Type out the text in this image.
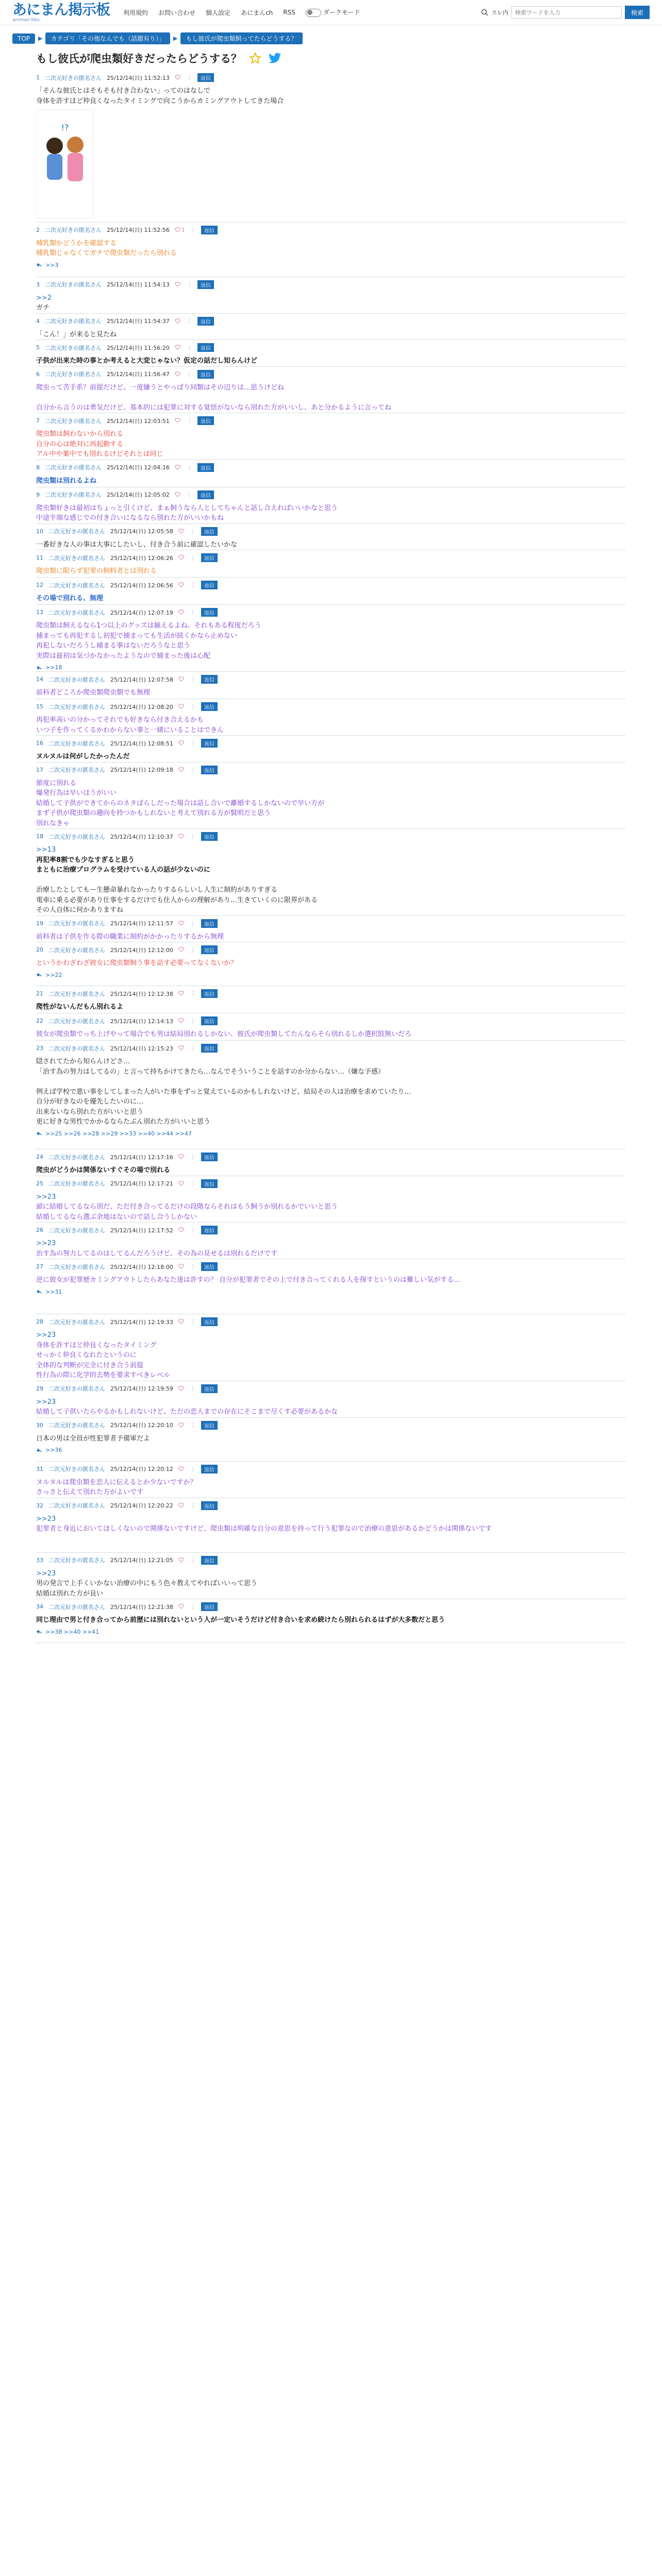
あにまん掲示板
animan bbs.
利用規約 お問い合わせ 個人設定 あにまんch RSS	ダークモード	スレ内
検索ワードを入力	検索
TOP	▶	カテゴリ「その他なんでも（話題有り）」	▶	もし彼氏が爬虫類飼ってたらどうする？
もし彼氏が爬虫類好きだったらどうする？
1 二次元好きの匿名さん 25/12/14(日) 11:52:13	⋮	返信
「そんな彼氏とはそもそも付き合わない」ってのはなしで
身体を許すほど仲良くなったタイミングで向こうからカミングアウトしてきた場合
!?
2 二次元好きの匿名さん 25/12/14(日) 11:52:56	1 ⋮	返信
哺乳類かどうかを確認する
哺乳類じゃなくてガチで爬虫類だったら別れる
>>3
3 二次元好きの匿名さん 25/12/14(日) 11:54:13	⋮	返信
>>2
ガチ
4 二次元好きの匿名さん 25/12/14(日) 11:54:37	⋮	返信
「こん！」が来ると見たね
5 二次元好きの匿名さん 25/12/14(日) 11:56:20	⋮	返信
子供が出来た時の事とか考えると大変じゃない？仮定の話だし知らんけど
6 二次元好きの匿名さん 25/12/14(日) 11:56:47	⋮	返信
爬虫って苦手系？前提だけど、一度嫌うとやっぱり同類はその辺りは…思うけどね

自分から言うのは勇気だけど、基本的には犯罪に対する覚悟がないなら別れた方がいいし、あと分かるように言ってね
7 二次元好きの匿名さん 25/12/14(日) 12:03:51	⋮	返信
爬虫類は飼わないから別れる
自分の心は絶対に再起動する
アル中や薬中でも別れるけどそれとは同じ
8 二次元好きの匿名さん 25/12/14(日) 12:04:16	⋮	返信
爬虫類は別れるよね
9 二次元好きの匿名さん 25/12/14(日) 12:05:02	⋮	返信
爬虫類好きは最初はちょっと引くけど、まぁ飼うなら人としてちゃんと話し合えればいいかなと思う
中途半端な感じでの付き合いになるなら別れた方がいいかもね
10 二次元好きの匿名さん 25/12/14(日) 12:05:58	⋮	返信
一番好きな人の事は大事にしたいし、付き合う前に確認したいかな
11 二次元好きの匿名さん 25/12/14(日) 12:06:26	⋮	返信
爬虫類に限らず犯罪の飼料者とは別れる
12 二次元好きの匿名さん 25/12/14(日) 12:06:56	⋮	返信
その場で別れる、無理
13 二次元好きの匿名さん 25/12/14(日) 12:07:19	⋮	返信
爬虫類は飼えるなら1つ以上のグッズは揃えるよね、それもある程度だろう
捕まっても再犯するし初犯で捕まっても生活が続くかなら止めない
再犯しないだろうし捕まる事はないだろうなと思う
実際は最初は気づかなかったようなので捕まった後は心配
>>18
14 二次元好きの匿名さん 25/12/14(日) 12:07:58	⋮	返信
前科者どころか爬虫類爬虫類でも無理
15 二次元好きの匿名さん 25/12/14(日) 12:08:20	⋮	返信
再犯率高いの分かってそれでも好きなら付き合えるかも
いつ子を作ってくるかわからない事と一緒にいることはできん
16 二次元好きの匿名さん 25/12/14(日) 12:08:51	⋮	返信
ヌルヌルは何がしたかったんだ
17 二次元好きの匿名さん 25/12/14(日) 12:09:18	⋮	返信
節度に別れる
爆発行為は早いほうがいい
結婚して子供ができてからのネタばらしだった場合は話し合いで離婚するしかないので早い方が
まず子供が爬虫類の趣向を持つかもしれないと考えて別れる方が賢明だと思う
別れなきゃ
18 二次元好きの匿名さん 25/12/14(日) 12:10:37	⋮	返信
>>13
再犯率8割でも少なすぎると思う
まともに治療プログラムを受けている人の話が少ないのに

治療したとしてもー生懸命暴れなかったりするらしいし人生に制約がありすぎる
電車に乗る必要があり仕事をするだけでも住人からの理解があり…生きていくのに限界がある
その人自体に何かありますね
19 二次元好きの匿名さん 25/12/14(日) 12:11:57	⋮	返信
前科者は子供を作る際の職業に制約がかかったりするから無理
20 二次元好きの匿名さん 25/12/14(日) 12:12:00	⋮	返信
というかわざわざ彼女に爬虫類飼う事を話す必要ってなくないか？
>>22
21 二次元好きの匿名さん 25/12/14(日) 12:12:38	⋮	返信
爬性がないんだもん別れるよ
22 二次元好きの匿名さん 25/12/14(日) 12:14:13	⋮	返信
彼女が爬虫類でっち上げやって場合でも男は結局別れるしかない、彼氏が爬虫類してたんならそら別れるしか選択肢無いだろ
23 二次元好きの匿名さん 25/12/14(日) 12:15:23	⋮	返信
隠されてたから知らんけどさ…
「治す為の努力はしてるの」と言って持ちかけてきたら…なんでそういうことを話すのか分からない…（嫌な予感）

例えば学校で悪い事をしてしまった人がいた事をずっと覚えているのかもしれないけど、結局その人は治療を求めていたり…
自分が好きなのを優先したいのに…
出来ないなら別れた方がいいと思う
更に好きな男性でかかるならたぶん別れた方がいいと思う
>>25 >>26 >>28 >>29 >>33 >>40 >>44 >>47
24 二次元好きの匿名さん 25/12/14(日) 12:17:16	⋮	返信
爬虫がどうかは関係ないすぐその場で別れる
25 二次元好きの匿名さん 25/12/14(日) 12:17:21	⋮	返信
>>23
頭に結婚してるなら別だ、ただ付き合ってるだけの段階ならそれはもう飼うか別れるかでいいと思う
結婚してるなら選ぶ余地はないので話し合うしかない
26 二次元好きの匿名さん 25/12/14(日) 12:17:52	⋮	返信
>>23
治す為の努力してるのはしてるんだろうけど、その為の見せるは別れるだけです
27 二次元好きの匿名さん 25/12/14(日) 12:18:00	⋮	返信
逆に彼女が犯罪歴カミングアウトしたらあなた達は許すの？ 自分が犯罪者でその上で付き合ってくれる人を探すというのは難しい気がする…
>>31
28 二次元好きの匿名さん 25/12/14(日) 12:19:33	⋮	返信
>>23
身体を許すほど仲良くなったタイミング
せっかく仲良くなれたというのに
全体的な判断が完全に付き合う前提
性行為の際に化学的去勢を要求すべきレベル
29 二次元好きの匿名さん 25/12/14(日) 12:19:59	⋮	返信
>>23
結婚して子供いたらやるかもしれないけど、ただの恋人までの存在にそこまで尽くす必要があるかな
30 二次元好きの匿名さん 25/12/14(日) 12:20:10	⋮	返信
日本の男は全員が性犯罪者予備軍だよ
>>36
31 二次元好きの匿名さん 25/12/14(日) 12:20:12	⋮	返信
ヌルヌルは爬虫類を恋人に伝えるとか少ないですか？
さっさと伝えて別れた方がよいです
32 二次元好きの匿名さん 25/12/14(日) 12:20:22	⋮	返信
>>23
犯罪者と身近においてほしくないので関係ないですけど、爬虫類は明確な自分の意思を持って行う犯罪なので治療の意思があるかどうかは関係ないです
33 二次元好きの匿名さん 25/12/14(日) 12:21:05	⋮	返信
>>23
男の発言で上手くいかない治療の中にもう色々教えてやればいいって思う
結婚は別れた方が良い
34 二次元好きの匿名さん 25/12/14(日) 12:21:38	⋮	返信
同じ理由で男と付き合ってから前歴には別れないという人が一定いそうだけど付き合いを求め続けたら別れられるはずが大多数だと思う
>>38 >>40 >>41
